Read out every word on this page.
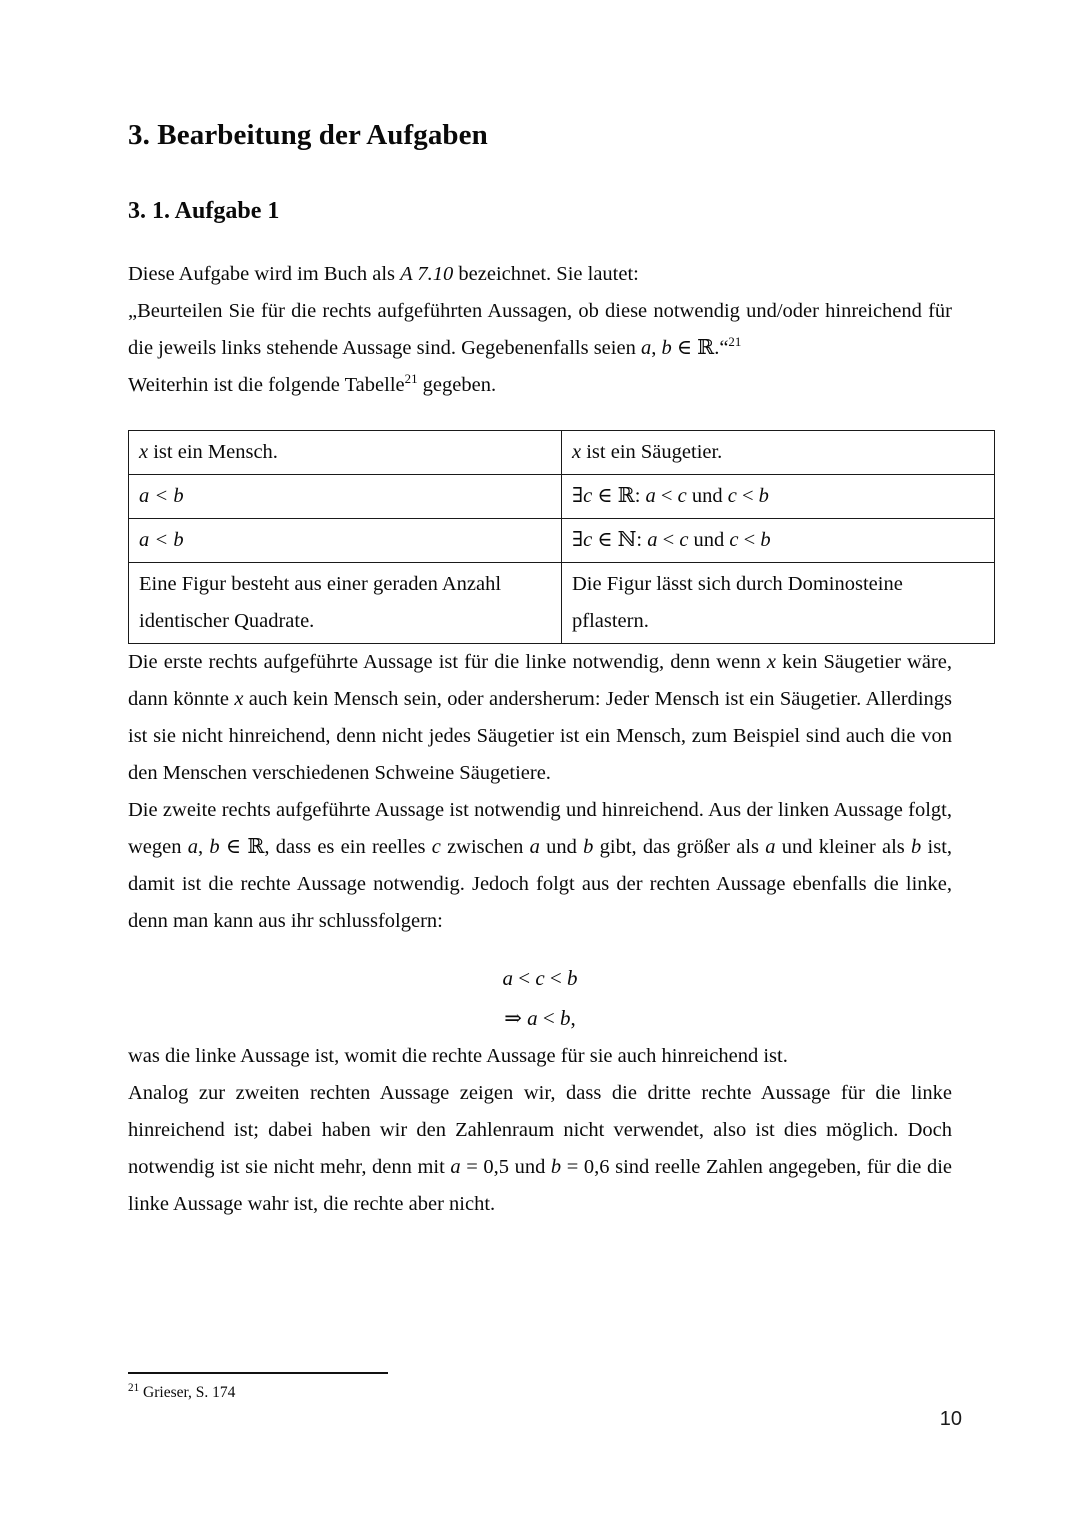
3. Bearbeitung der Aufgaben
3. 1. Aufgabe 1

Diese Aufgabe wird im Buch als A 7.10 bezeichnet. Sie lautet:

„Beurteilen Sie für die rechts aufgeführten Aussagen, ob diese notwendig und/oder hinreichend für die jeweils links stehende Aussage sind. Gegebenenfalls seien a, b ∈ ℝ.“$^{21}$

Weiterhin ist die folgende Tabelle$^{21}$ gegeben.

x ist ein Mensch.	x ist ein Säugetier.
a < b	∃c ∈ ℝ: a < c und c < b
a < b	∃c ∈ ℕ: a < c und c < b
Eine Figur besteht aus einer geraden Anzahl identischer Quadrate.	Die Figur lässt sich durch Dominosteine pflastern.

Die erste rechts aufgeführte Aussage ist für die linke notwendig, denn wenn x kein Säugetier wäre, dann könnte x auch kein Mensch sein, oder andersherum: Jeder Mensch ist ein Säugetier. Allerdings ist sie nicht hinreichend, denn nicht jedes Säugetier ist ein Mensch, zum Beispiel sind auch die von den Menschen verschiedenen Schweine Säugetiere.

Die zweite rechts aufgeführte Aussage ist notwendig und hinreichend. Aus der linken Aussage folgt, wegen a, b ∈ ℝ, dass es ein reelles c zwischen a und b gibt, das größer als a und kleiner als b ist, damit ist die rechte Aussage notwendig. Jedoch folgt aus der rechten Aussage ebenfalls die linke, denn man kann aus ihr schlussfolgern:

a < c < b
⇒ a < b,

was die linke Aussage ist, womit die rechte Aussage für sie auch hinreichend ist.

Analog zur zweiten rechten Aussage zeigen wir, dass die dritte rechte Aussage für die linke hinreichend ist; dabei haben wir den Zahlenraum nicht verwendet, also ist dies möglich. Doch notwendig ist sie nicht mehr, denn mit a = 0,5 und b = 0,6 sind reelle Zahlen angegeben, für die die linke Aussage wahr ist, die rechte aber nicht.

$^{21}$ Grieser, S. 174

10
